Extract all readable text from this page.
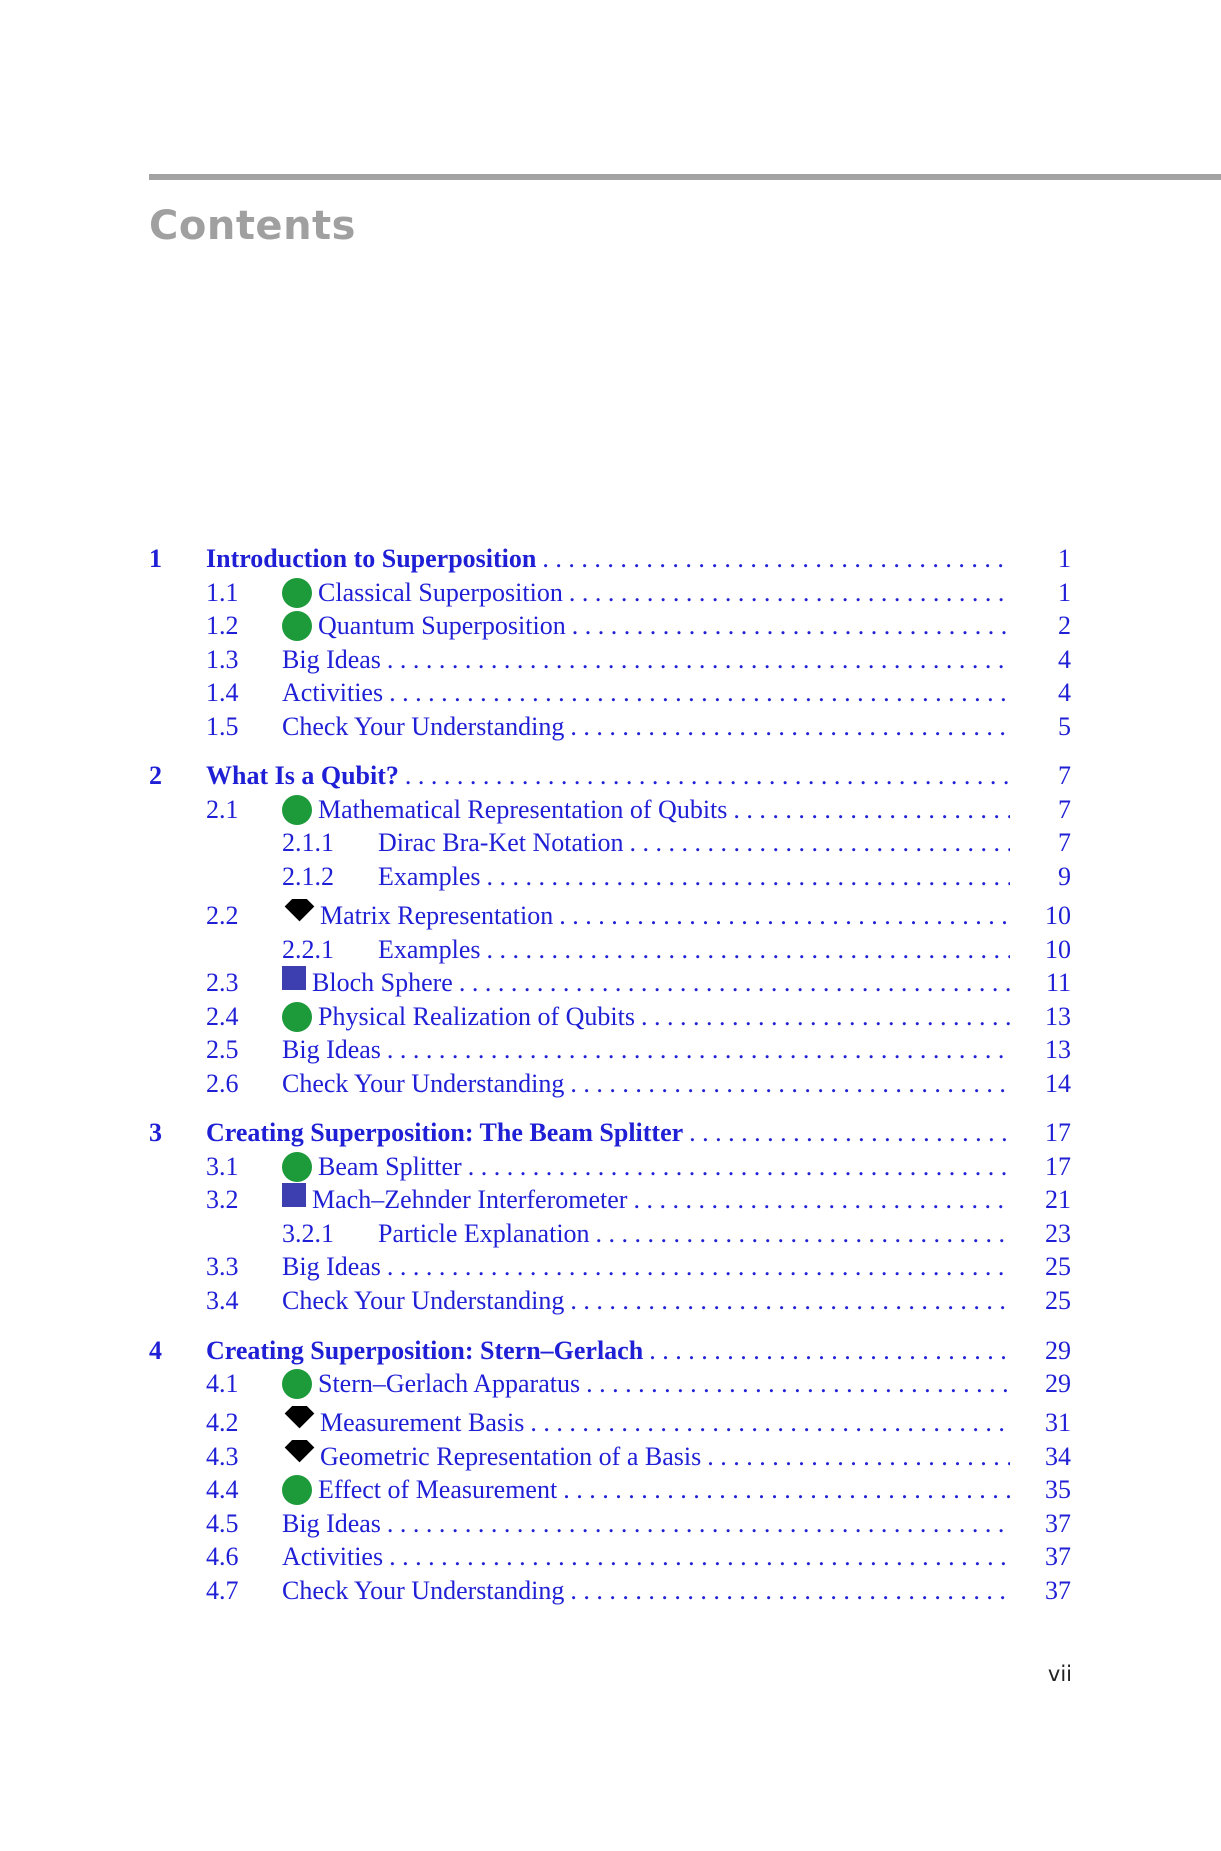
Contents
1 Introduction to Superposition . . .	1
1.1	Classical Superposition . . .	1
1.2	Quantum Superposition . . .	2
1.3 Big Ideas . . .	4
1.4 Activities . . .	4
1.5 Check Your Understanding . . .	5
2 What Is a Qubit? . . .	7
2.1	Mathematical Representation of Qubits . . .	7
2.1.1 Dirac Bra-Ket Notation . . .	7
2.1.2 Examples . . .	9
2.2	Matrix Representation . . .	10
2.2.1 Examples . . .	10
2.3	Bloch Sphere . . .	11
2.4	Physical Realization of Qubits . . .	13
2.5 Big Ideas . . .	13
2.6 Check Your Understanding . . .	14
3 Creating Superposition: The Beam Splitter . . .	17
3.1	Beam Splitter . . .	17
3.2	Mach–Zehnder Interferometer . . .	21
3.2.1 Particle Explanation . . .	23
3.3 Big Ideas . . .	25
3.4 Check Your Understanding . . .	25
4 Creating Superposition: Stern–Gerlach . . .	29
4.1	Stern–Gerlach Apparatus . . .	29
4.2	Measurement Basis . . .	31
4.3	Geometric Representation of a Basis . . .	34
4.4	Effect of Measurement . . .	35
4.5 Big Ideas . . .	37
4.6 Activities . . .	37
4.7 Check Your Understanding . . .	37
vii
